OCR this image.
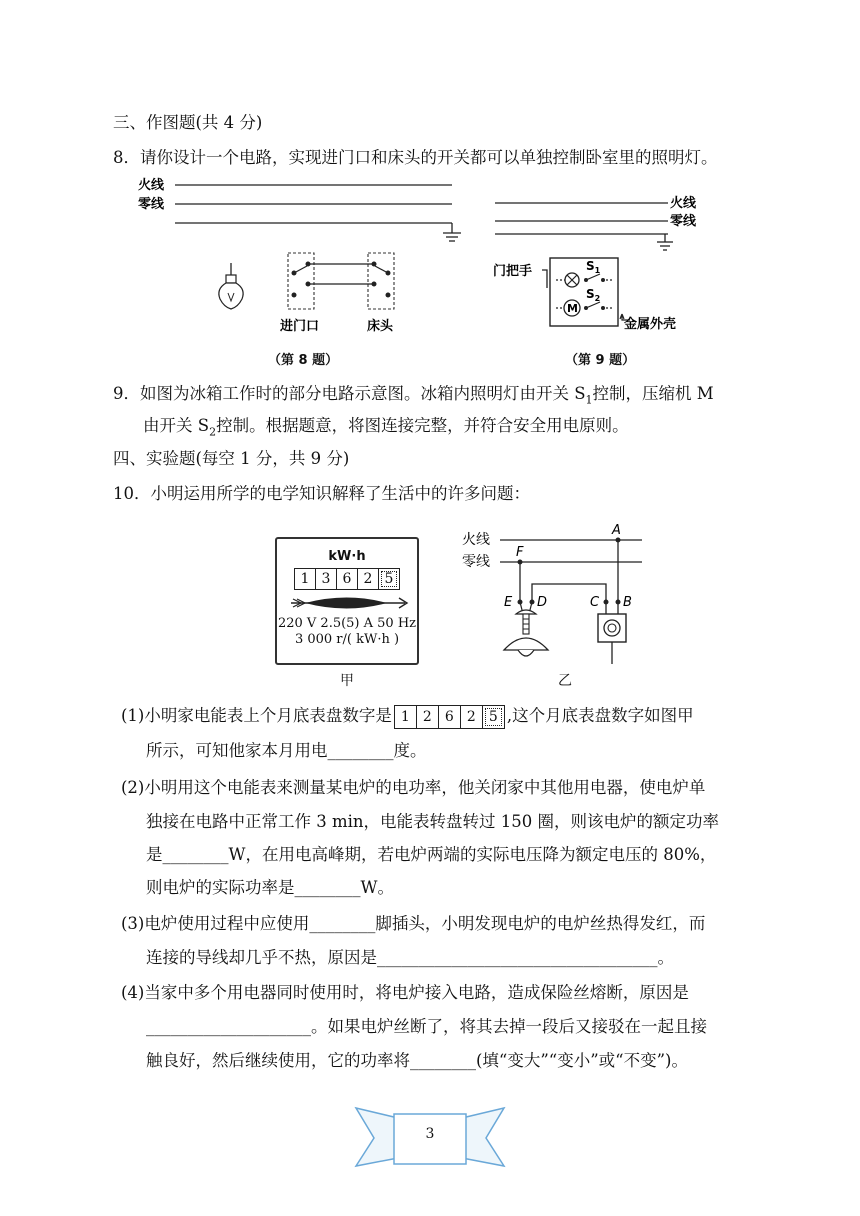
三、作图题(共 4 分)
8．请你设计一个电路，实现进门口和床头的开关都可以单独控制卧室里的照明灯。
火线
零线
进门口	床头
（第 8 题）
火线
零线
门把手	$S_1$
M
$S_2$
金属外壳
（第 9 题）
9．如图为冰箱工作时的部分电路示意图。冰箱内照明灯由开关 $S_1$控制，压缩机 M
由开关 $S_2$控制。根据题意，将图连接完整，并符合安全用电原则。
四、实验题(每空 1 分，共 9 分)
10．小明运用所学的电学知识解释了生活中的许多问题：
kW·h
1 3 6 2 5
220 V 2.5(5) A 50 Hz
3 000 r/( kW·h )
甲
火线
零线
A
F
E D	C B
乙
(1)小明家电能表上个月底表盘数字是 1 2 6 2 5 ,这个月底表盘数字如图甲
所示，可知他家本月用电________度。
(2)小明用这个电能表来测量某电炉的电功率，他关闭家中其他用电器，使电炉单
独接在电路中正常工作 3 min，电能表转盘转过 150 圈，则该电炉的额定功率
是________W，在用电高峰期，若电炉两端的实际电压降为额定电压的 80%，
则电炉的实际功率是________W。
(3)电炉使用过程中应使用________脚插头，小明发现电炉的电炉丝热得发红，而
连接的导线却几乎不热，原因是__________________________________。
(4)当家中多个用电器同时使用时，将电炉接入电路，造成保险丝熔断，原因是
____________________。如果电炉丝断了，将其去掉一段后又接驳在一起且接
触良好，然后继续使用，它的功率将________(填“变大”“变小”或“不变”)。
3
